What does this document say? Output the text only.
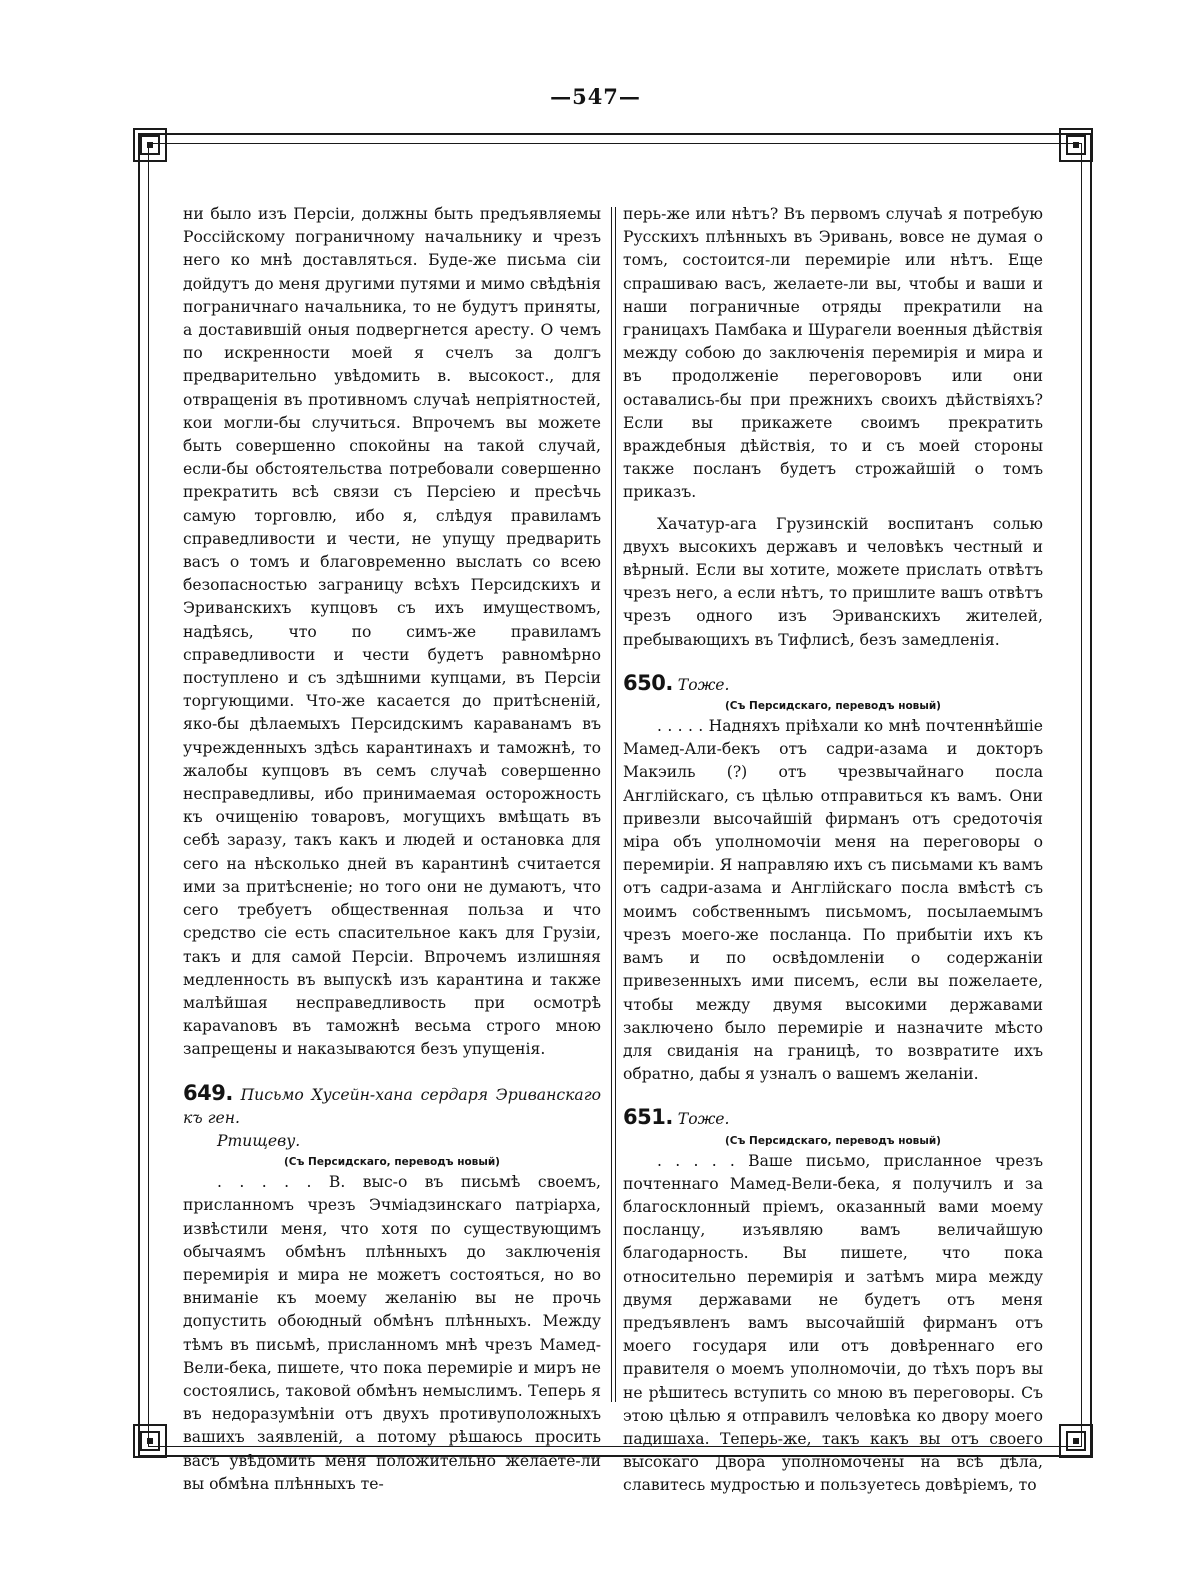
—547—

ни было изъ Персіи, должны быть предъявляемы Россійскому пограничному начальнику и чрезъ него ко мнѣ доставляться. Буде-же письма сіи дойдутъ до меня другими путями и мимо свѣдѣнія пограничнаго начальника, то не будутъ приняты, а доставившій оныя подвергнется аресту. О чемъ по искренности моей я счелъ за долгъ предварительно увѣдомить в. высокост., для отвращенія въ противномъ случаѣ непріятностей, кои могли-бы случиться. Впрочемъ вы можете быть совершенно спокойны на такой случай, если-бы обстоятельства потребовали совершенно прекратить всѣ связи съ Персіею и пресѣчь самую торговлю, ибо я, слѣдуя правиламъ справедливости и чести, не упущу предварить васъ о томъ и благовременно выслать со всею безопасностью заграницу всѣхъ Персидскихъ и Эриванскихъ купцовъ съ ихъ имуществомъ, надѣясь, что по симъ-же правиламъ справедливости и чести будетъ равномѣрно поступлено и съ здѣшними купцами, въ Персіи торгующими. Что-же касается до притѣсненій, яко-бы дѣлаемыхъ Персидскимъ караванамъ въ учрежденныхъ здѣсь карантинахъ и таможнѣ, то жалобы купцовъ въ семъ случаѣ совершенно несправедливы, ибо принимаемая осторожность къ очищенію товаровъ, могущихъ вмѣщать въ себѣ заразу, такъ какъ и людей и остановка для сего на нѣсколько дней въ карантинѣ считается ими за притѣсненіе; но того они не думаютъ, что сего требуетъ общественная польза и что средство сіе есть спасительное какъ для Грузіи, такъ и для самой Персіи. Впрочемъ излишняя медленность въ выпускѣ изъ карантина и также малѣйшая несправедливость при осмотрѣ карavanовъ въ таможнѣ весьма строго мною запрещены и наказываются безъ упущенія.

649. Письмо Хусейн-хана сердаря Эриванскаго къ ген.
Ртищеву.
(Съ Персидскаго, переводъ новый)

. . . . . В. выс-о въ письмѣ своемъ, присланномъ чрезъ Эчміадзинскаго патріарха, извѣстили меня, что хотя по существующимъ обычаямъ обмѣнъ плѣнныхъ до заключенія перемирія и мира не можетъ состояться, но во вниманіе къ моему желанію вы не прочь допустить обоюдный обмѣнъ плѣнныхъ. Между тѣмъ въ письмѣ, присланномъ мнѣ чрезъ Мамед-Вели-бека, пишете, что пока перемиріе и миръ не состоялись, таковой обмѣнъ немыслимъ. Теперь я въ недоразумѣніи отъ двухъ противуположныхъ вашихъ заявленій, а потому рѣшаюсь просить васъ увѣдомить меня положительно желаете-ли вы обмѣна плѣнныхъ те-

перь-же или нѣтъ? Въ первомъ случаѣ я потребую Русскихъ плѣнныхъ въ Эривань, вовсе не думая о томъ, состоится-ли перемиріе или нѣтъ. Еще спрашиваю васъ, желаете-ли вы, чтобы и ваши и наши пограничные отряды прекратили на границахъ Памбака и Шурагели военныя дѣйствія между собою до заключенія перемирія и мира и въ продолженіе переговоровъ или они оставались-бы при прежнихъ своихъ дѣйствіяхъ? Если вы прикажете своимъ прекратить враждебныя дѣйствія, то и съ моей стороны также посланъ будетъ строжайшій о томъ приказъ.

Хачатур-ага Грузинскій воспитанъ солью двухъ высокихъ державъ и человѣкъ честный и вѣрный. Если вы хотите, можете прислать отвѣтъ чрезъ него, а если нѣтъ, то пришлите вашъ отвѣтъ чрезъ одного изъ Эриванскихъ жителей, пребывающихъ въ Тифлисѣ, безъ замедленія.

650. Тоже.
(Съ Персидскаго, переводъ новый)

. . . . . Надняхъ пріѣхали ко мнѣ почтеннѣйшіе Мамед-Али-бекъ отъ садри-азама и докторъ Макэиль (?) отъ чрезвычайнаго посла Англійскаго, съ цѣлью отправиться къ вамъ. Они привезли высочайшій фирманъ отъ средоточія міра объ уполномочіи меня на переговоры о перемиріи. Я направляю ихъ съ письмами къ вамъ отъ садри-азама и Англійскаго посла вмѣстѣ съ моимъ собственнымъ письмомъ, посылаемымъ чрезъ моего-же посланца. По прибытіи ихъ къ вамъ и по освѣдомленіи о содержаніи привезенныхъ ими писемъ, если вы пожелаете, чтобы между двумя высокими державами заключено было перемиріе и назначите мѣсто для свиданія на границѣ, то возвратите ихъ обратно, дабы я узналъ о вашемъ желаніи.

651. Тоже.
(Съ Персидскаго, переводъ новый)

. . . . . Ваше письмо, присланное чрезъ почтеннаго Мамед-Вели-бека, я получилъ и за благосклонный пріемъ, оказанный вами моему посланцу, изъявляю вамъ величайшую благодарность. Вы пишете, что пока относительно перемирія и затѣмъ мира между двумя державами не будетъ отъ меня предъявленъ вамъ высочайшій фирманъ отъ моего государя или отъ довѣреннаго его правителя о моемъ уполномочіи, до тѣхъ поръ вы не рѣшитесь вступить со мною въ переговоры. Съ этою цѣлью я отправилъ человѣка ко двору моего падишаха. Теперь-же, такъ какъ вы отъ своего высокаго Двора уполномочены на всѣ дѣла, славитесь мудростью и пользуетесь довѣріемъ, то
